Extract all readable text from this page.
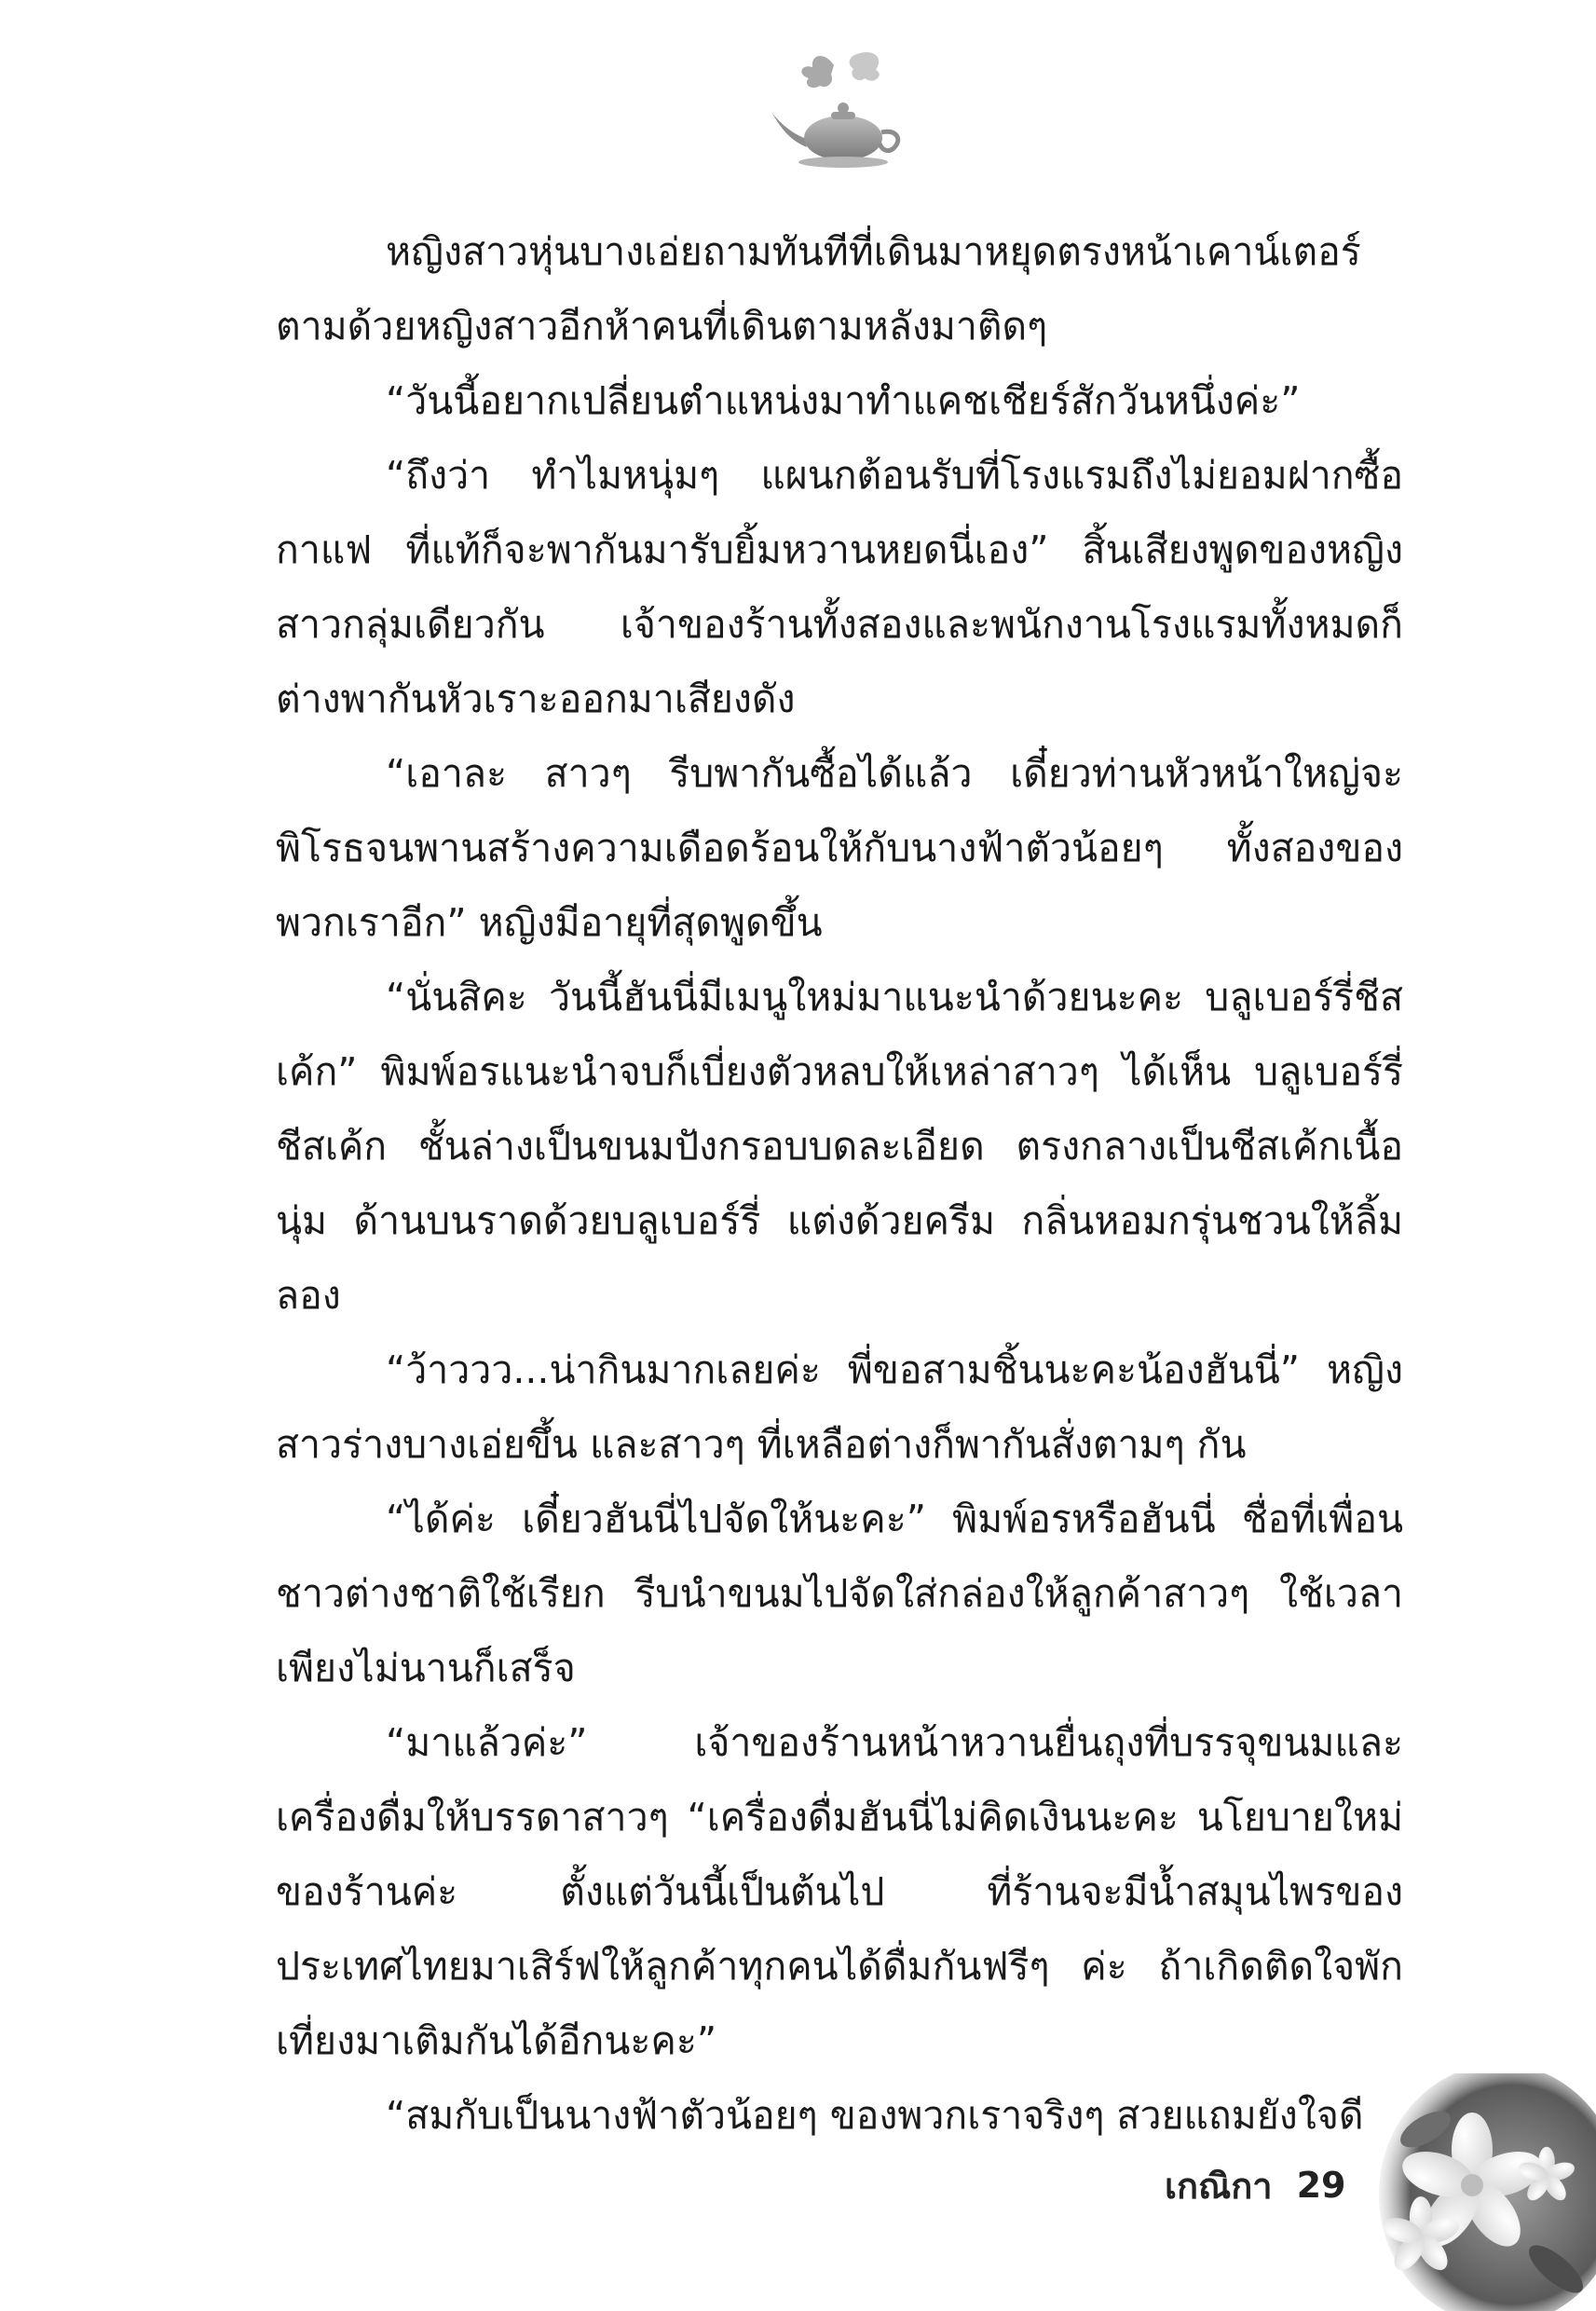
หญิงสาวหุ่นบางเอ่ยถามทันทีที่เดินมาหยุดตรงหน้าเคาน์เตอร์ ตามด้วยหญิงสาวอีกห้าคนที่เดินตามหลังมาติดๆ

“วันนี้อยากเปลี่ยนตำแหน่งมาทำแคชเชียร์สักวันหนึ่งค่ะ”

“ถึงว่า ทำไมหนุ่มๆ แผนกต้อนรับที่โรงแรมถึงไม่ยอมฝากซื้อกาแฟ ที่แท้ก็จะพากันมารับยิ้มหวานหยดนี่เอง” สิ้นเสียงพูดของหญิงสาวกลุ่มเดียวกัน เจ้าของร้านทั้งสองและพนักงานโรงแรมทั้งหมดก็ต่างพากันหัวเราะออกมาเสียงดัง

“เอาละ สาวๆ รีบพากันซื้อได้แล้ว เดี๋ยวท่านหัวหน้าใหญ่จะพิโรธจนพานสร้างความเดือดร้อนให้กับนางฟ้าตัวน้อยๆ ทั้งสองของพวกเราอีก” หญิงมีอายุที่สุดพูดขึ้น

“นั่นสิคะ วันนี้ฮันนี่มีเมนูใหม่มาแนะนำด้วยนะคะ บลูเบอร์รี่ชีสเค้ก” พิมพ์อรแนะนำจบก็เบี่ยงตัวหลบให้เหล่าสาวๆ ได้เห็น บลูเบอร์รี่ชีสเค้ก ชั้นล่างเป็นขนมปังกรอบบดละเอียด ตรงกลางเป็นชีสเค้กเนื้อนุ่ม ด้านบนราดด้วยบลูเบอร์รี่ แต่งด้วยครีม กลิ่นหอมกรุ่นชวนให้ลิ้มลอง

“ว้าววว...น่ากินมากเลยค่ะ พี่ขอสามชิ้นนะคะน้องฮันนี่” หญิงสาวร่างบางเอ่ยขึ้น และสาวๆ ที่เหลือต่างก็พากันสั่งตามๆ กัน

“ได้ค่ะ เดี๋ยวฮันนี่ไปจัดให้นะคะ” พิมพ์อรหรือฮันนี่ ชื่อที่เพื่อนชาวต่างชาติใช้เรียก รีบนำขนมไปจัดใส่กล่องให้ลูกค้าสาวๆ ใช้เวลาเพียงไม่นานก็เสร็จ

“มาแล้วค่ะ” เจ้าของร้านหน้าหวานยื่นถุงที่บรรจุขนมและเครื่องดื่มให้บรรดาสาวๆ “เครื่องดื่มฮันนี่ไม่คิดเงินนะคะ นโยบายใหม่ของร้านค่ะ ตั้งแต่วันนี้เป็นต้นไป ที่ร้านจะมีน้ำสมุนไพรของประเทศไทยมาเสิร์ฟให้ลูกค้าทุกคนได้ดื่มกันฟรีๆ ค่ะ ถ้าเกิดติดใจพักเที่ยงมาเติมกันได้อีกนะคะ”

“สมกับเป็นนางฟ้าตัวน้อยๆ ของพวกเราจริงๆ สวยแถมยังใจดี

เกณิกา 29
